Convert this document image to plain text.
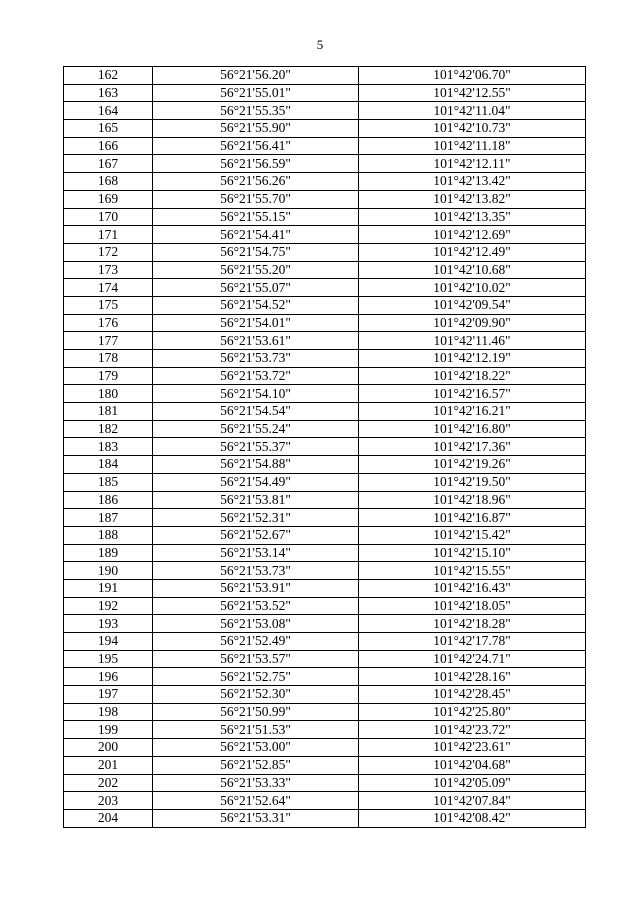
5
162	56°21'56.20"	101°42'06.70"
163	56°21'55.01"	101°42'12.55"
164	56°21'55.35"	101°42'11.04"
165	56°21'55.90"	101°42'10.73"
166	56°21'56.41"	101°42'11.18"
167	56°21'56.59"	101°42'12.11"
168	56°21'56.26"	101°42'13.42"
169	56°21'55.70"	101°42'13.82"
170	56°21'55.15"	101°42'13.35"
171	56°21'54.41"	101°42'12.69"
172	56°21'54.75"	101°42'12.49"
173	56°21'55.20"	101°42'10.68"
174	56°21'55.07"	101°42'10.02"
175	56°21'54.52"	101°42'09.54"
176	56°21'54.01"	101°42'09.90"
177	56°21'53.61"	101°42'11.46"
178	56°21'53.73"	101°42'12.19"
179	56°21'53.72"	101°42'18.22"
180	56°21'54.10"	101°42'16.57"
181	56°21'54.54"	101°42'16.21"
182	56°21'55.24"	101°42'16.80"
183	56°21'55.37"	101°42'17.36"
184	56°21'54.88"	101°42'19.26"
185	56°21'54.49"	101°42'19.50"
186	56°21'53.81"	101°42'18.96"
187	56°21'52.31"	101°42'16.87"
188	56°21'52.67"	101°42'15.42"
189	56°21'53.14"	101°42'15.10"
190	56°21'53.73"	101°42'15.55"
191	56°21'53.91"	101°42'16.43"
192	56°21'53.52"	101°42'18.05"
193	56°21'53.08"	101°42'18.28"
194	56°21'52.49"	101°42'17.78"
195	56°21'53.57"	101°42'24.71"
196	56°21'52.75"	101°42'28.16"
197	56°21'52.30"	101°42'28.45"
198	56°21'50.99"	101°42'25.80"
199	56°21'51.53"	101°42'23.72"
200	56°21'53.00"	101°42'23.61"
201	56°21'52.85"	101°42'04.68"
202	56°21'53.33"	101°42'05.09"
203	56°21'52.64"	101°42'07.84"
204	56°21'53.31"	101°42'08.42"
